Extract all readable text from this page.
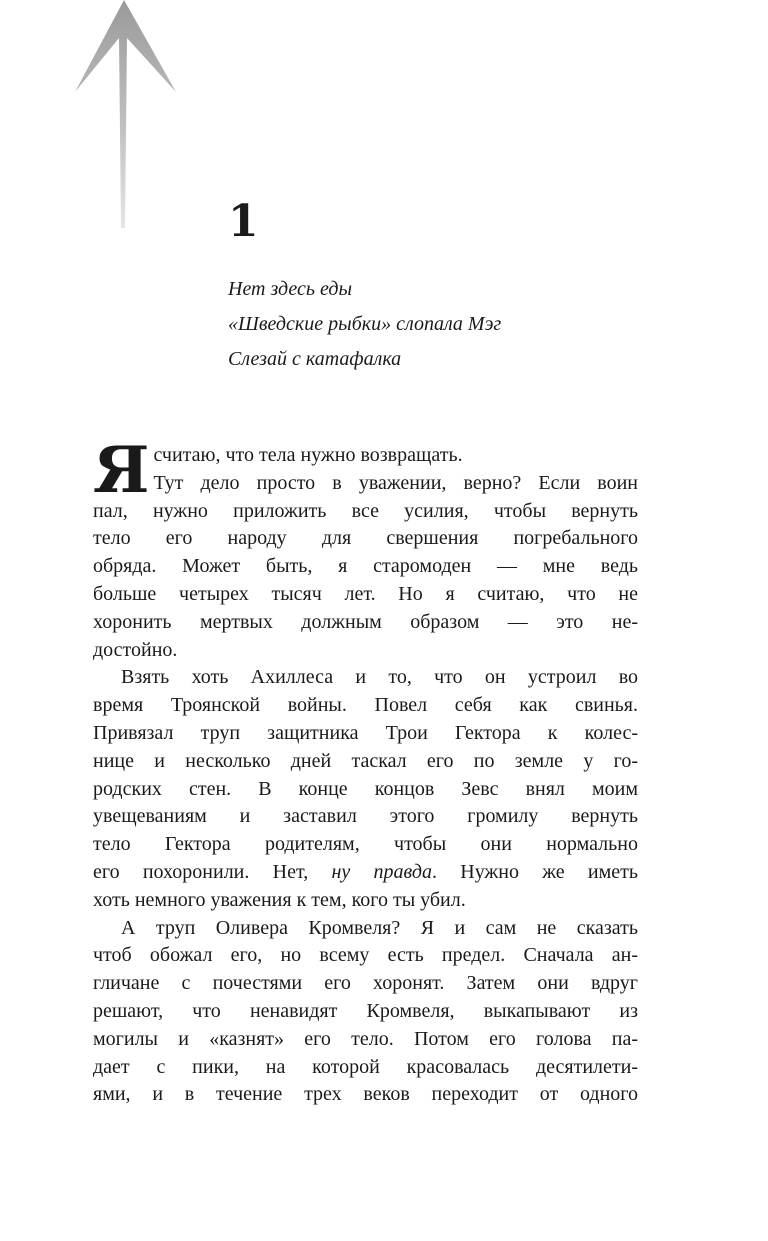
1
Нет здесь еды
«Шведские рыбки» слопала Мэг
Слезай с катафалка
Я считаю, что тела нужно возвращать.
Тут дело просто в уважении, верно? Если воин
пал, нужно приложить все усилия, чтобы вернуть
тело его народу для свершения погребального
обряда. Может быть, я старомоден — мне ведь
больше четырех тысяч лет. Но я считаю, что не
хоронить мертвых должным образом — это не-
достойно.
Взять хоть Ахиллеса и то, что он устроил во
время Троянской войны. Повел себя как свинья.
Привязал труп защитника Трои Гектора к колес-
нице и несколько дней таскал его по земле у го-
родских стен. В конце концов Зевс внял моим
увещеваниям и заставил этого громилу вернуть
тело Гектора родителям, чтобы они нормально
его похоронили. Нет, ну правда. Нужно же иметь
хоть немного уважения к тем, кого ты убил.
А труп Оливера Кромвеля? Я и сам не сказать
чтоб обожал его, но всему есть предел. Сначала ан-
гличане с почестями его хоронят. Затем они вдруг
решают, что ненавидят Кромвеля, выкапывают из
могилы и «казнят» его тело. Потом его голова па-
дает с пики, на которой красовалась десятилети-
ями, и в течение трех веков переходит от одного
